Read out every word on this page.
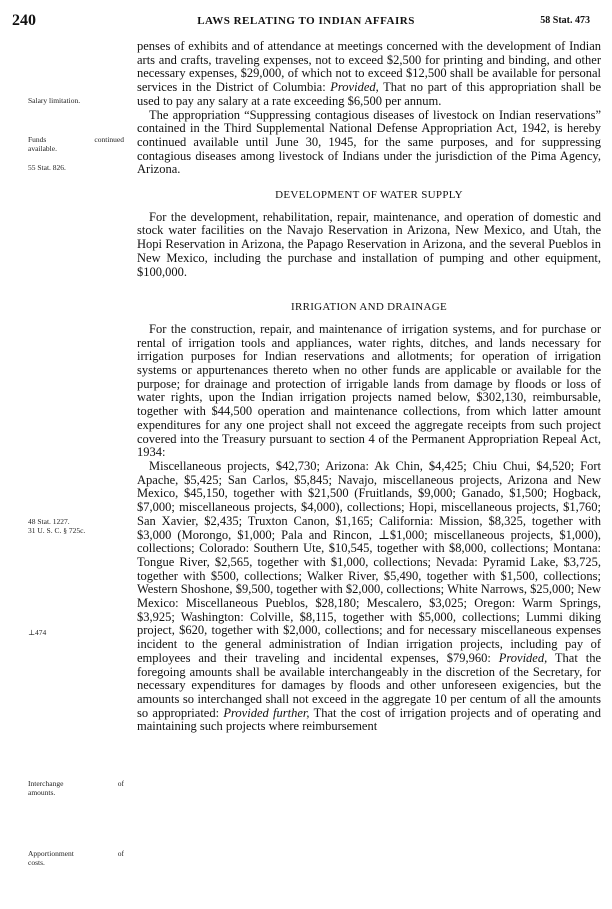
240	LAWS RELATING TO INDIAN AFFAIRS	58 Stat. 473
Salary limitation.
Funds	continued
available.
55 Stat. 826.
48 Stat. 1227.
31 U. S. C. § 725c.
⊥474
Interchange	of
amounts.
Apportionment	of
costs.

penses of exhibits and of attendance at meetings concerned with the development of Indian arts and crafts, traveling expenses, not to exceed $2,500 for printing and binding, and other necessary expenses, $29,000, of which not to exceed $12,500 shall be available for personal services in the District of Columbia: Provided, That no part of this appropriation shall be used to pay any salary at a rate exceeding $6,500 per annum.

The appropriation “Suppressing contagious diseases of livestock on Indian reservations” contained in the Third Supplemental National Defense Appropriation Act, 1942, is hereby continued available until June 30, 1945, for the same purposes, and for suppressing contagious diseases among livestock of Indians under the jurisdiction of the Pima Agency, Arizona.

DEVELOPMENT OF WATER SUPPLY

For the development, rehabilitation, repair, maintenance, and operation of domestic and stock water facilities on the Navajo Reservation in Arizona, New Mexico, and Utah, the Hopi Reservation in Arizona, the Papago Reservation in Arizona, and the several Pueblos in New Mexico, including the purchase and installation of pumping and other equipment, $100,000.

IRRIGATION AND DRAINAGE

For the construction, repair, and maintenance of irrigation systems, and for purchase or rental of irrigation tools and appliances, water rights, ditches, and lands necessary for irrigation purposes for Indian reservations and allotments; for operation of irrigation systems or appurtenances thereto when no other funds are applicable or available for the purpose; for drainage and protection of irrigable lands from damage by floods or loss of water rights, upon the Indian irrigation projects named below, $302,130, reimbursable, together with $44,500 operation and maintenance collections, from which latter amount expenditures for any one project shall not exceed the aggregate receipts from such project covered into the Treasury pursuant to section 4 of the Permanent Appropriation Repeal Act, 1934:

Miscellaneous projects, $42,730; Arizona: Ak Chin, $4,425; Chiu Chui, $4,520; Fort Apache, $5,425; San Carlos, $5,845; Navajo, miscellaneous projects, Arizona and New Mexico, $45,150, together with $21,500 (Fruitlands, $9,000; Ganado, $1,500; Hogback, $7,000; miscellaneous projects, $4,000), collections; Hopi, miscellaneous projects, $1,760; San Xavier, $2,435; Truxton Canon, $1,165; California: Mission, $8,325, together with $3,000 (Morongo, $1,000; Pala and Rincon, ⊥$1,000; miscellaneous projects, $1,000), collections; Colorado: Southern Ute, $10,545, together with $8,000, collections; Montana: Tongue River, $2,565, together with $1,000, collections; Nevada: Pyramid Lake, $3,725, together with $500, collections; Walker River, $5,490, together with $1,500, collections; Western Shoshone, $9,500, together with $2,000, collections; White Narrows, $25,000; New Mexico: Miscellaneous Pueblos, $28,180; Mescalero, $3,025; Oregon: Warm Springs, $3,925; Washington: Colville, $8,115, together with $5,000, collections; Lummi diking project, $620, together with $2,000, collections; and for necessary miscellaneous expenses incident to the general administration of Indian irrigation projects, including pay of employees and their traveling and incidental expenses, $79,960: Provided, That the foregoing amounts shall be available interchangeably in the discretion of the Secretary, for necessary expenditures for damages by floods and other unforeseen exigencies, but the amounts so interchanged shall not exceed in the aggregate 10 per centum of all the amounts so appropriated: Provided further, That the cost of irrigation projects and of operating and maintaining such projects where reimbursement
